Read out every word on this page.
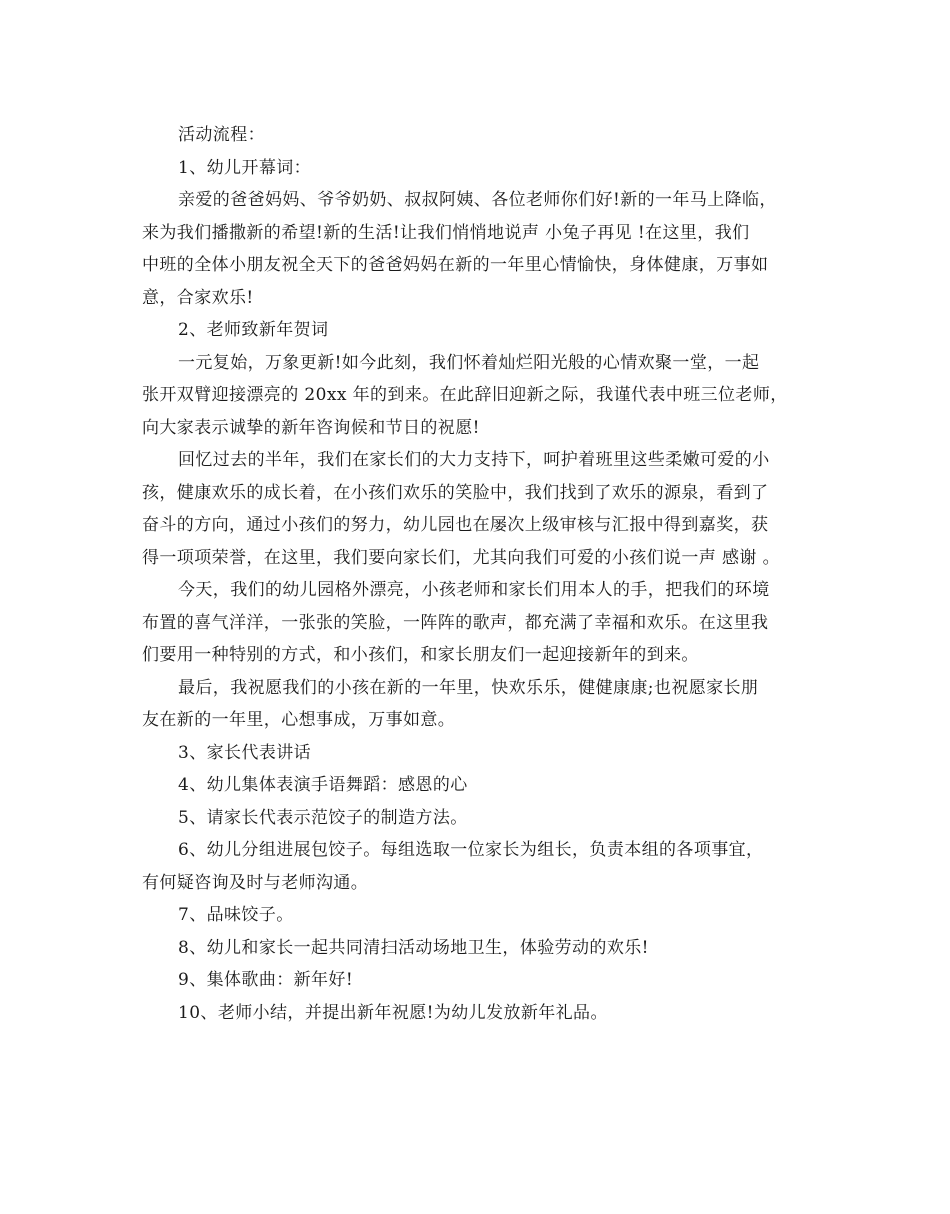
活动流程：
1、幼儿开幕词：
亲爱的爸爸妈妈、爷爷奶奶、叔叔阿姨、各位老师你们好!新的一年马上降临，
来为我们播撒新的希望!新的生活!让我们悄悄地说声 小兔子再见 !在这里，我们
中班的全体小朋友祝全天下的爸爸妈妈在新的一年里心情愉快，身体健康，万事如
意，合家欢乐!
2、老师致新年贺词
一元复始，万象更新!如今此刻，我们怀着灿烂阳光般的心情欢聚一堂，一起
张开双臂迎接漂亮的 20xx 年的到来。在此辞旧迎新之际，我谨代表中班三位老师，
向大家表示诚挚的新年咨询候和节日的祝愿!
回忆过去的半年，我们在家长们的大力支持下，呵护着班里这些柔嫩可爱的小
孩，健康欢乐的成长着，在小孩们欢乐的笑脸中，我们找到了欢乐的源泉，看到了
奋斗的方向，通过小孩们的努力，幼儿园也在屡次上级审核与汇报中得到嘉奖，获
得一项项荣誉，在这里，我们要向家长们，尤其向我们可爱的小孩们说一声 感谢 。
今天，我们的幼儿园格外漂亮，小孩老师和家长们用本人的手，把我们的环境
布置的喜气洋洋，一张张的笑脸，一阵阵的歌声，都充满了幸福和欢乐。在这里我
们要用一种特别的方式，和小孩们，和家长朋友们一起迎接新年的到来。
最后，我祝愿我们的小孩在新的一年里，快欢乐乐，健健康康;也祝愿家长朋
友在新的一年里，心想事成，万事如意。
3、家长代表讲话
4、幼儿集体表演手语舞蹈：感恩的心
5、请家长代表示范饺子的制造方法。
6、幼儿分组进展包饺子。每组选取一位家长为组长，负责本组的各项事宜，
有何疑咨询及时与老师沟通。
7、品味饺子。
8、幼儿和家长一起共同清扫活动场地卫生，体验劳动的欢乐!
9、集体歌曲：新年好!
10、老师小结，并提出新年祝愿!为幼儿发放新年礼品。
